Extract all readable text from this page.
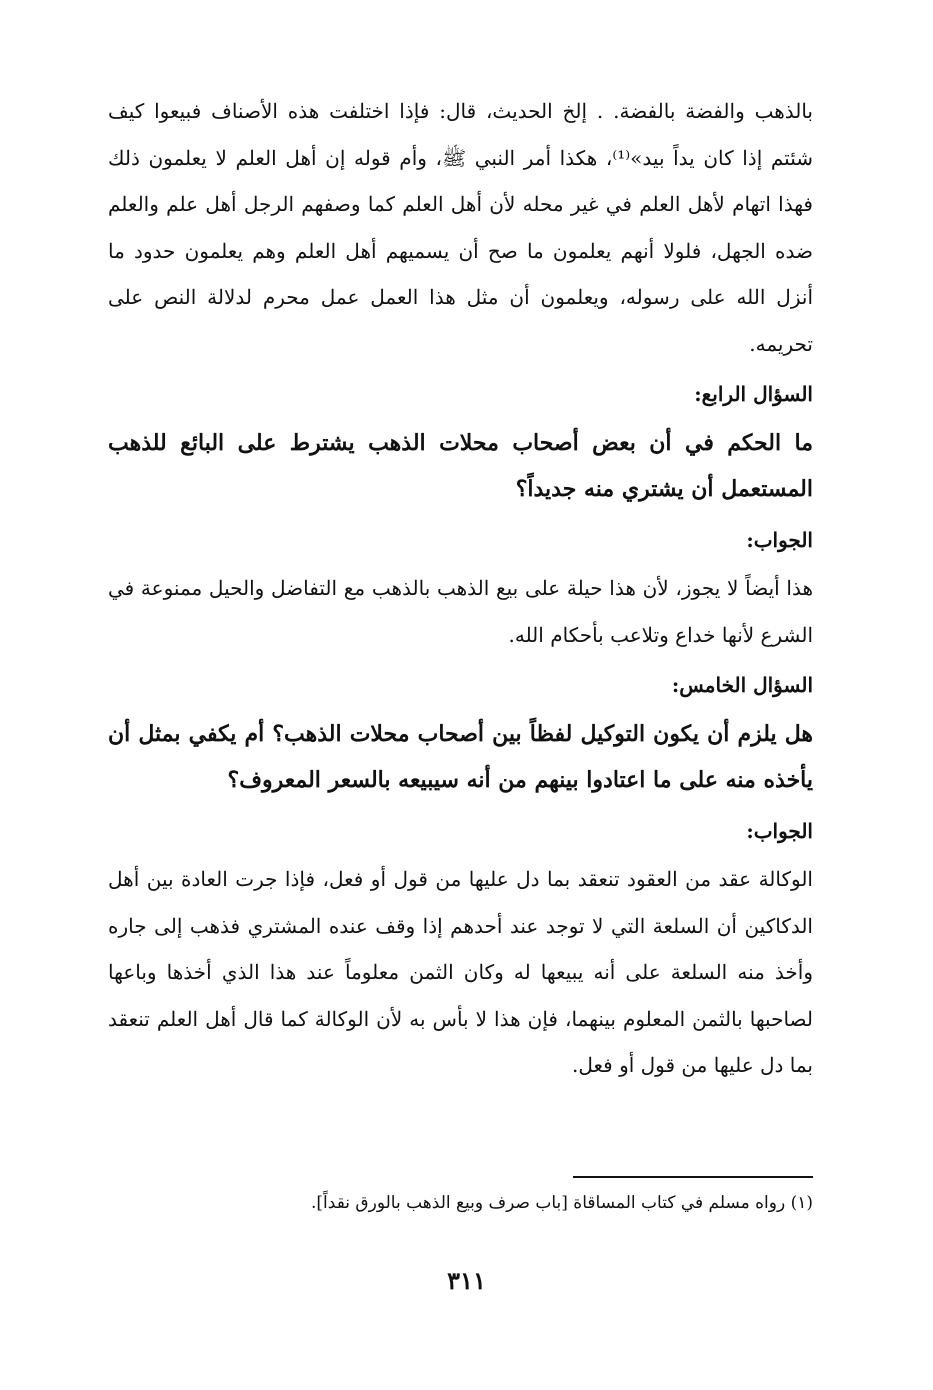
بالذهب والفضة بالفضة. . إلخ الحديث، قال: فإذا اختلفت هذه الأصناف فبيعوا كيف شئتم إذا كان يداً بيد»⁽¹⁾، هكذا أمر النبي ﷺ، وأم قوله إن أهل العلم لا يعلمون ذلك فهذا اتهام لأهل العلم في غير محله لأن أهل العلم كما وصفهم الرجل أهل علم والعلم ضده الجهل، فلولا أنهم يعلمون ما صح أن يسميهم أهل العلم وهم يعلمون حدود ما أنزل الله على رسوله، ويعلمون أن مثل هذا العمل عمل محرم لدلالة النص على تحريمه.

السؤال الرابع:

ما الحكم في أن بعض أصحاب محلات الذهب يشترط على البائع للذهب المستعمل أن يشتري منه جديداً؟

الجواب:

هذا أيضاً لا يجوز، لأن هذا حيلة على بيع الذهب بالذهب مع التفاضل والحيل ممنوعة في الشرع لأنها خداع وتلاعب بأحكام الله.

السؤال الخامس:

هل يلزم أن يكون التوكيل لفظاً بين أصحاب محلات الذهب؟ أم يكفي بمثل أن يأخذه منه على ما اعتادوا بينهم من أنه سيبيعه بالسعر المعروف؟

الجواب:

الوكالة عقد من العقود تنعقد بما دل عليها من قول أو فعل، فإذا جرت العادة بين أهل الدكاكين أن السلعة التي لا توجد عند أحدهم إذا وقف عنده المشتري فذهب إلى جاره وأخذ منه السلعة على أنه يبيعها له وكان الثمن معلوماً عند هذا الذي أخذها وباعها لصاحبها بالثمن المعلوم بينهما، فإن هذا لا بأس به لأن الوكالة كما قال أهل العلم تنعقد بما دل عليها من قول أو فعل.

(١) رواه مسلم في كتاب المساقاة [باب صرف وبيع الذهب بالورق نقداً].
٣١١
